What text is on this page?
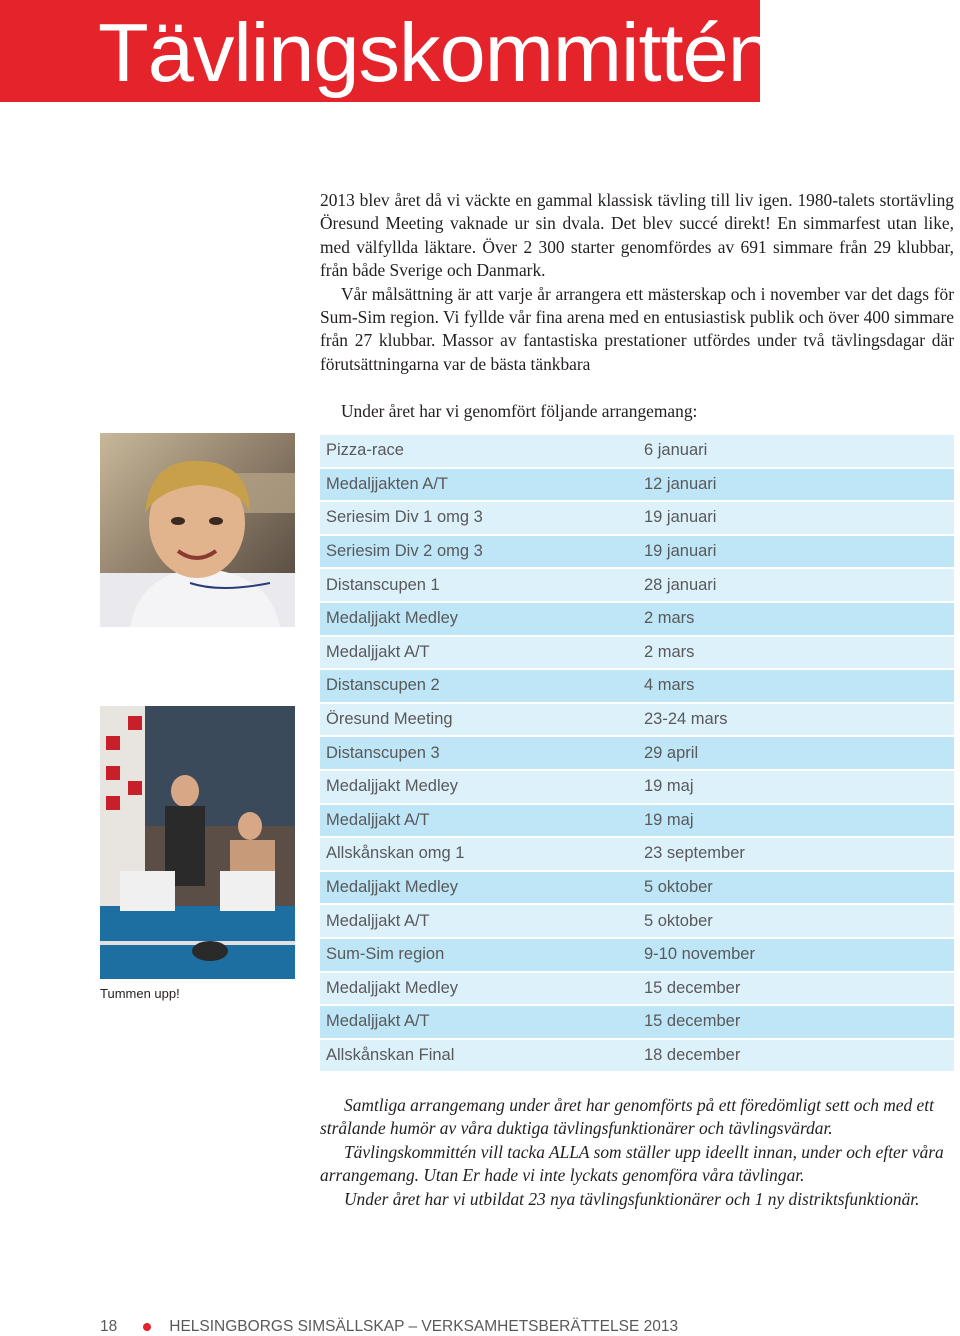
Tävlingskommittén

2013 blev året då vi väckte en gammal klassisk tävling till liv igen. 1980-talets stortävling Öresund Meeting vaknade ur sin dvala. Det blev succé direkt! En simmarfest utan like, med välfyllda läktare. Över 2 300 starter genomfördes av 691 simmare från 29 klubbar, från både Sverige och Danmark.

Vår målsättning är att varje år arrangera ett mästerskap och i november var det dags för Sum-Sim region. Vi fyllde vår fina arena med en entusiastisk publik och över 400 simmare från 27 klubbar. Massor av fantastiska prestationer utfördes under två tävlingsdagar där förutsättningarna var de bästa tänkbara

Under året har vi genomfört följande arrangemang:
Tummen upp!
Pizza-race	6 januari
Medaljjakten A/T	12 januari
Seriesim Div 1 omg 3	19 januari
Seriesim Div 2 omg 3	19 januari
Distanscupen 1	28 januari
Medaljjakt Medley	2 mars
Medaljjakt A/T	2 mars
Distanscupen 2	4 mars
Öresund Meeting	23-24 mars
Distanscupen 3	29 april
Medaljjakt Medley	19 maj
Medaljjakt A/T	19 maj
Allskånskan omg 1	23 september
Medaljjakt Medley	5 oktober
Medaljjakt A/T	5 oktober
Sum-Sim region	9-10 november
Medaljjakt Medley	15 december
Medaljjakt A/T	15 december
Allskånskan Final	18 december

Samtliga arrangemang under året har genomförts på ett föredömligt sett och med ett strålande humör av våra duktiga tävlingsfunktionärer och tävlingsvärdar.

Tävlingskommittén vill tacka ALLA som ställer upp ideellt innan, under och efter våra arrangemang. Utan Er hade vi inte lyckats genomföra våra tävlingar.

Under året har vi utbildat 23 nya tävlingsfunktionärer och 1 ny distriktsfunktionär.

18	HELSINGBORGS SIMSÄLLSKAP – VERKSAMHETSBERÄTTELSE 2013
